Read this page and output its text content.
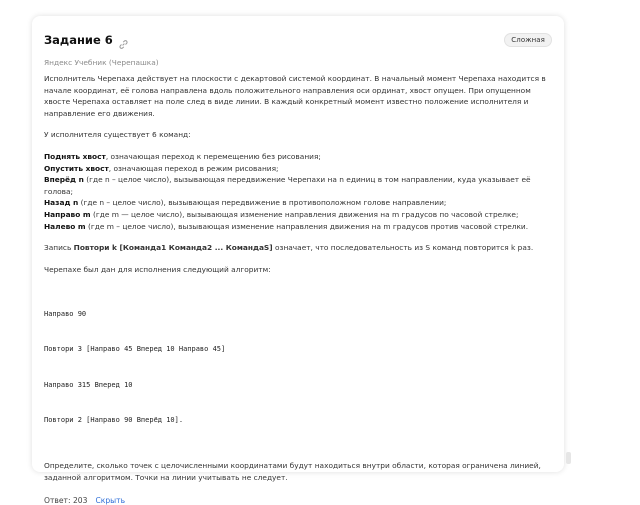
Задание 6	Сложная
Яндекс Учебник (Черепашка)

Исполнитель Черепаха действует на плоскости с декартовой системой координат. В начальный момент Черепаха находится в начале координат, её голова направлена вдоль положительного направления оси ординат, хвост опущен. При опущенном хвосте Черепаха оставляет на поле след в виде линии. В каждый конкретный момент известно положение исполнителя и направление его движения.

У исполнителя существует 6 команд:

Поднять хвост, означающая переход к перемещению без рисования;

Опустить хвост, означающая переход в режим рисования;

Вперёд n (где n – целое число), вызывающая передвижение Черепахи на n единиц в том направлении, куда указывает её голова;

Назад n (где n – целое число), вызывающая передвижение в противоположном голове направлении;

Направо m (где m — целое число), вызывающая изменение направления движения на m градусов по часовой стрелке;

Налево m (где m – целое число), вызывающая изменение направления движения на m градусов против часовой стрелки.

Запись Повтори k [Команда1 Команда2 ... КомандаS] означает, что последовательность из S команд повторится k раз.

Черепахе был дан для исполнения следующий алгоритм:

Направо 90

Повтори 3 [Направо 45 Вперед 10 Направо 45]

Направо 315 Вперед 10

Повтори 2 [Направо 90 Вперёд 10].

Определите, сколько точек с целочисленными координатами будут находиться внутри области, которая ограничена линией, заданной алгоритмом. Точки на линии учитывать не следует.

Ответ: 203 Скрыть
